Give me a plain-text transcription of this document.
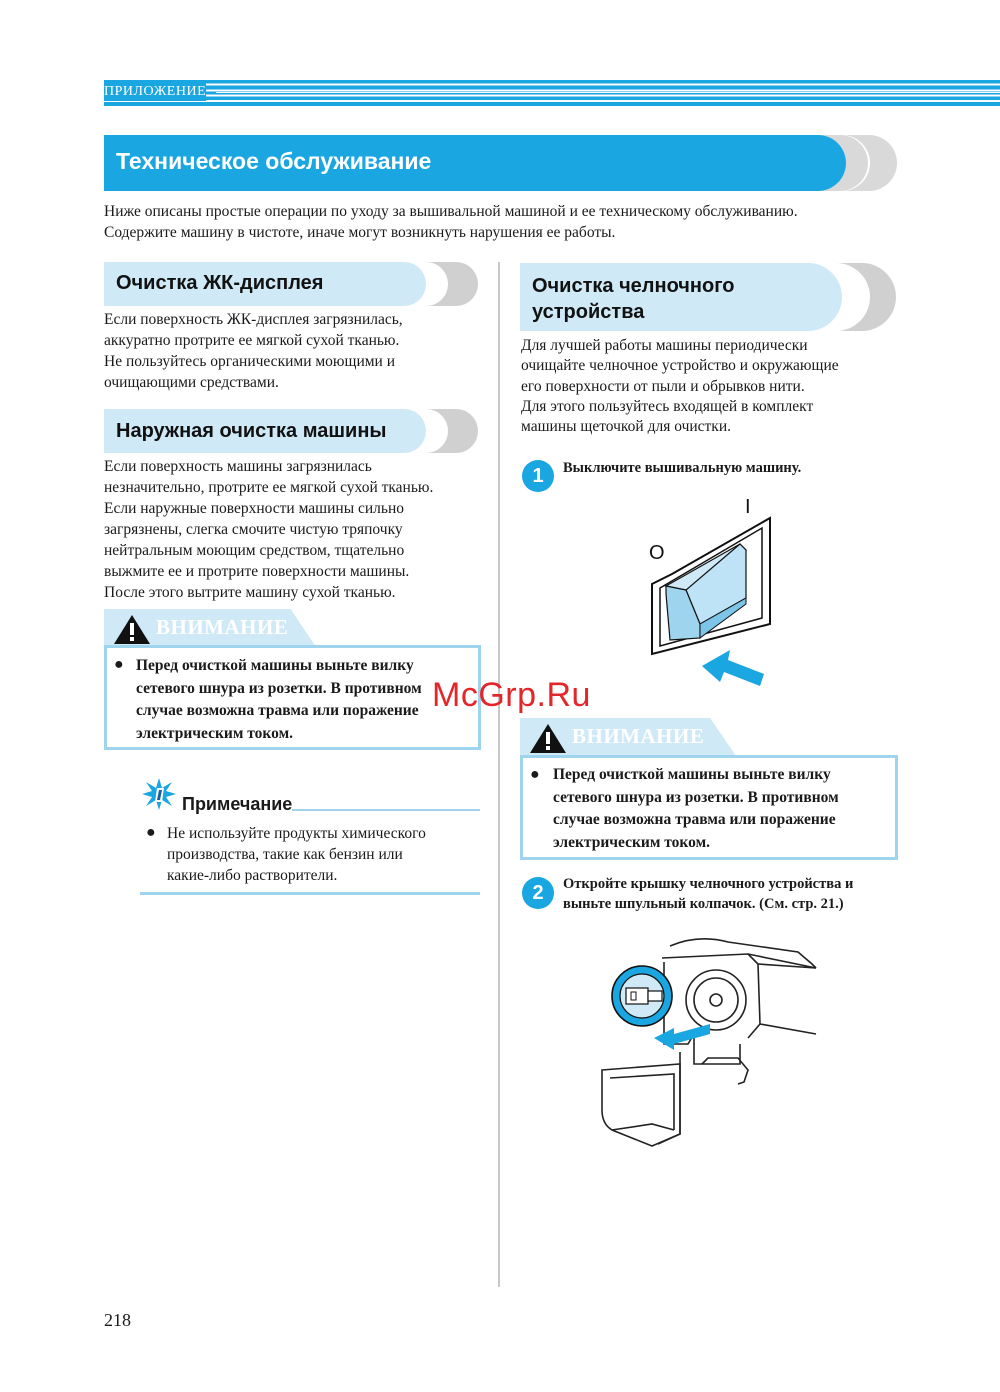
ПРИЛОЖЕНИЕ
Техническое обслуживание
Ниже описаны простые операции по уходу за вышивальной машиной и ее техническому обслуживанию.
Содержите машину в чистоте, иначе могут возникнуть нарушения ее работы.
Очистка ЖК-дисплея
Если поверхность ЖК-дисплея загрязнилась,
аккуратно протрите ее мягкой сухой тканью.
Не пользуйтесь органическими моющими и
очищающими средствами.
Наружная очистка машины
Если поверхность машины загрязнилась
незначительно, протрите ее мягкой сухой тканью.
Если наружные поверхности машины сильно
загрязнены, слегка смочите чистую тряпочку
нейтральным моющим средством, тщательно
выжмите ее и протрите поверхности машины.
После этого вытрите машину сухой тканью.
ВНИМАНИЕ
● Перед очисткой машины выньте вилку
сетевого шнура из розетки. В противном
случае возможна травма или поражение
электрическим током.
Примечание
● Не используйте продукты химического
производства, такие как бензин или
какие-либо растворители.
Очистка челночного
устройства
Для лучшей работы машины периодически
очищайте челночное устройство и окружающие
его поверхности от пыли и обрывков нити.
Для этого пользуйтесь входящей в комплект
машины щеточкой для очистки.
1	Выключите вышивальную машину.
I
O
ВНИМАНИЕ
● Перед очисткой машины выньте вилку
сетевого шнура из розетки. В противном
случае возможна травма или поражение
электрическим током.
2	Откройте крышку челночного устройства и
выньте шпульный колпачок. (См. стр. 21.)
McGrp.Ru
218
